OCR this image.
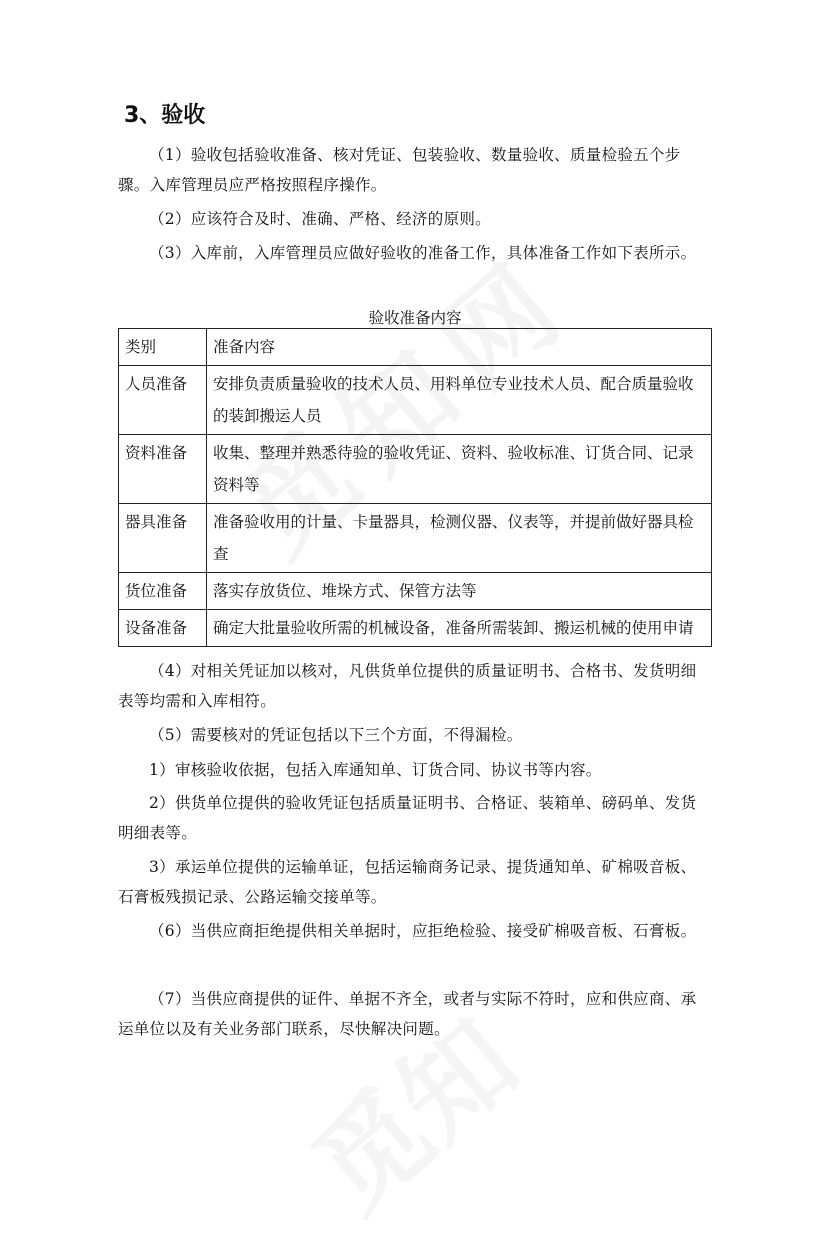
3、验收

（1）验收包括验收准备、核对凭证、包装验收、数量验收、质量检验五个步骤。入库管理员应严格按照程序操作。

（2）应该符合及时、准确、严格、经济的原则。

（3）入库前，入库管理员应做好验收的准备工作，具体准备工作如下表所示。

验收准备内容
类别	准备内容
人员准备	安排负责质量验收的技术人员、用料单位专业技术人员、配合质量验收的装卸搬运人员
资料准备	收集、整理并熟悉待验的验收凭证、资料、验收标准、订货合同、记录资料等
器具准备	准备验收用的计量、卡量器具，检测仪器、仪表等，并提前做好器具检查
货位准备	落实存放货位、堆垛方式、保管方法等
设备准备	确定大批量验收所需的机械设备，准备所需装卸、搬运机械的使用申请

（4）对相关凭证加以核对，凡供货单位提供的质量证明书、合格书、发货明细表等均需和入库相符。

（5）需要核对的凭证包括以下三个方面，不得漏检。

1）审核验收依据，包括入库通知单、订货合同、协议书等内容。

2）供货单位提供的验收凭证包括质量证明书、合格证、装箱单、磅码单、发货明细表等。

3）承运单位提供的运输单证，包括运输商务记录、提货通知单、矿棉吸音板、石膏板残损记录、公路运输交接单等。

（6）当供应商拒绝提供相关单据时，应拒绝检验、接受矿棉吸音板、石膏板。

（7）当供应商提供的证件、单据不齐全，或者与实际不符时，应和供应商、承运单位以及有关业务部门联系，尽快解决问题。
